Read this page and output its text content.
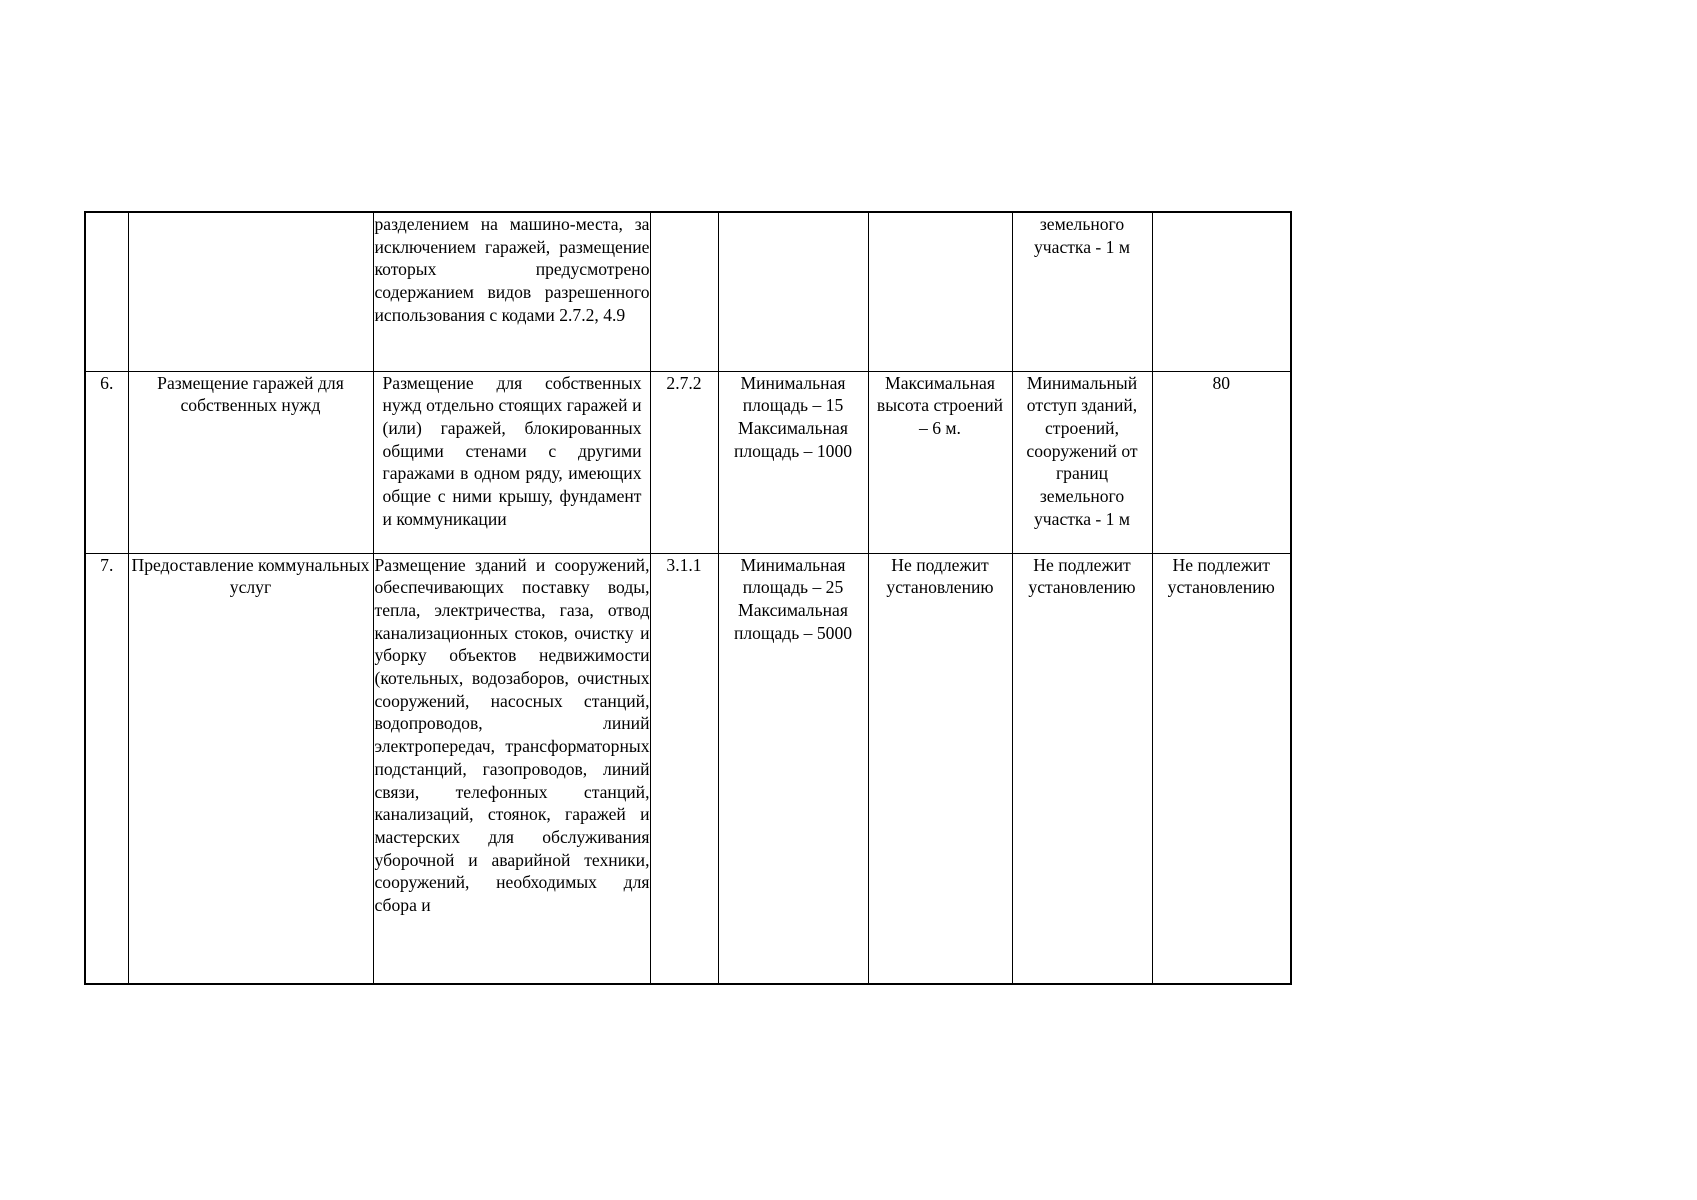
		разделением на машино-места, за исключением гаражей, размещение которых предусмотрено содержанием видов разрешенного использования с кодами 2.7.2, 4.9				земельного участка - 1 м	

6.	Размещение гаражей для собственных нужд	Размещение для собственных нужд отдельно стоящих гаражей и (или) гаражей, блокированных общими стенами с другими гаражами в одном ряду, имеющих общие с ними крышу, фундамент и коммуникации	2.7.2	Минимальная площадь – 15 Максимальная площадь – 1000	Максимальная высота строений – 6 м.	Минимальный отступ зданий, строений, сооружений от границ земельного участка - 1 м	80

7.	Предоставление коммунальных услуг	Размещение зданий и сооружений, обеспечивающих поставку воды, тепла, электричества, газа, отвод канализационных стоков, очистку и уборку объектов недвижимости (котельных, водозаборов, очистных сооружений, насосных станций, водопроводов, линий электропередач, трансформаторных подстанций, газопроводов, линий связи, телефонных станций, канализаций, стоянок, гаражей и мастерских для обслуживания уборочной и аварийной техники, сооружений, необходимых для сбора и	3.1.1	Минимальная площадь – 25 Максимальная площадь – 5000	Не подлежит установлению	Не подлежит установлению	Не подлежит установлению
